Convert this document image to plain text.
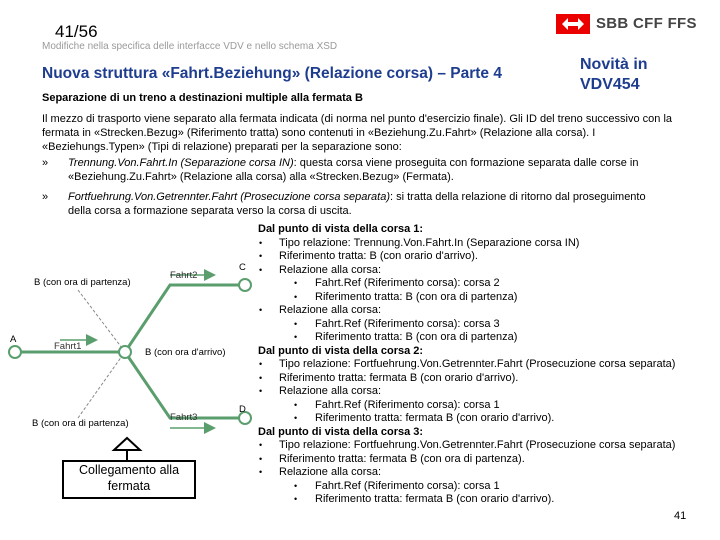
41/56	SBB CFF FFS
Modifiche nella specifica delle interfacce VDV e nello schema XSD
Nuova struttura «Fahrt.Beziehung» (Relazione corsa) – Parte 4
Novità in
VDV454
Separazione di un treno a destinazioni multiple alla fermata B
Il mezzo di trasporto viene separato alla fermata indicata (di norma nel punto d'esercizio finale). Gli ID del treno successivo con la fermata in «Strecken.Bezug» (Riferimento tratta) sono contenuti in «Beziehung.Zu.Fahrt» (Relazione alla corsa). I «Beziehungs.Typen» (Tipi di relazione) preparati per la separazione sono:
» Trennung.Von.Fahrt.In (Separazione corsa IN): questa corsa viene proseguita con formazione separata dalle corse in «Beziehung.Zu.Fahrt» (Relazione alla corsa) alla «Strecken.Bezug» (Fermata).
» Fortfuehrung.Von.Getrennter.Fahrt (Prosecuzione corsa separata): si tratta della relazione di ritorno dal proseguimento della corsa a formazione separata verso la corsa di uscita.
B (con ora di partenza)
B (con ora d'arrivo)
B (con ora di partenza)
A
C
D
Fahrt1
Fahrt2
Fahrt3
Collegamento alla fermata
Dal punto di vista della corsa 1:
• Tipo relazione: Trennung.Von.Fahrt.In (Separazione corsa IN)
• Riferimento tratta: B (con orario d'arrivo).
• Relazione alla corsa:
• Fahrt.Ref (Riferimento corsa): corsa 2
• Riferimento tratta: B (con ora di partenza)
• Relazione alla corsa:
• Fahrt.Ref (Riferimento corsa): corsa 3
• Riferimento tratta: B (con ora di partenza)
Dal punto di vista della corsa 2:
• Tipo relazione: Fortfuehrung.Von.Getrennter.Fahrt (Prosecuzione corsa separata)
• Riferimento tratta: fermata B (con orario d'arrivo).
• Relazione alla corsa:
• Fahrt.Ref (Riferimento corsa): corsa 1
• Riferimento tratta: fermata B (con orario d'arrivo).
Dal punto di vista della corsa 3:
• Tipo relazione: Fortfuehrung.Von.Getrennter.Fahrt (Prosecuzione corsa separata)
• Riferimento tratta: fermata B (con ora di partenza).
• Relazione alla corsa:
• Fahrt.Ref (Riferimento corsa): corsa 1
• Riferimento tratta: fermata B (con orario d'arrivo).
41
